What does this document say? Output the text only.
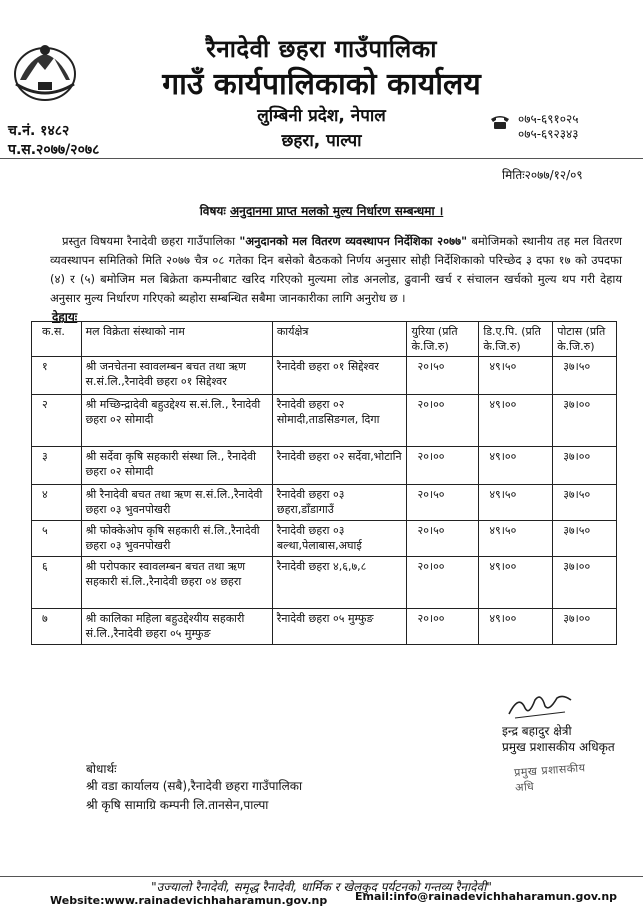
रैनादेवी छहरा गाउँपालिका
गाउँ कार्यपालिकाको कार्यालय
लुम्बिनी प्रदेश, नेपाल
छहरा, पाल्पा
च.नं. १४८२
प.स.२०७७/२०७८
०७५-६९१०२५
०७५-६९२३४३
मितिः२०७७/१२/०९
विषयः अनुदानमा प्राप्त मलको मुल्य निर्धारण सम्बन्धमा ।
प्रस्तुत विषयमा रैनादेवी छहरा गाउँपालिका "अनुदानको मल वितरण व्यवस्थापन निर्देशिका २०७७" बमोजिमको स्थानीय तह मल वितरण व्यवस्थापन समितिको मिति २०७७ चैत्र ०८ गतेका दिन बसेको बैठकको निर्णय अनुसार सोही निर्देशिकाको परिच्छेद ३ दफा १७ को उपदफा (४) र (५) बमोजिम मल बिक्रेता कम्पनीबाट खरिद गरिएको मुल्यमा लोड अनलोड, ढुवानी खर्च र संचालन खर्चको मुल्य थप गरी देहाय अनुसार मुल्य निर्धारण गरिएको ब्यहोरा सम्बन्धित सबैमा जानकारीका लागि अनुरोध छ ।
देहायः
क.स.	मल विक्रेता संस्थाको नाम	कार्यक्षेत्र	युरिया (प्रति के.जि.रु)	डि.ए.पि. (प्रति के.जि.रु)	पोटास (प्रति के.जि.रु)
१	श्री जनचेतना स्वावलम्बन बचत तथा ऋण स.सं.लि.,रैनादेवी छहरा ०१ सिद्देश्वर	रैनादेवी छहरा ०१ सिद्देश्वर	२०।५०	४९।५०	३७।५०
२	श्री मच्छिन्द्रादेवी बहुउद्देश्य स.सं.लि., रैनादेवी छहरा ०२ सोमादी	रैनादेवी छहरा ०२ सोमादी,ताडसिङगल, दिगा	२०।००	४९।००	३७।००
३	श्री सर्देवा कृषि सहकारी संस्था लि., रैनादेवी छहरा ०२ सोमादी	रैनादेवी छहरा ०२ सर्देवा,भोटानि	२०।००	४९।००	३७।००
४	श्री रैनादेवी बचत तथा ऋण स.सं.लि.,रैनादेवी छहरा ०३ भुवनपोखरी	रैनादेवी छहरा ०३ छहरा,डाँडागाउँ	२०।५०	४९।५०	३७।५०
५	श्री फोक्केओप कृषि सहकारी सं.लि.,रैनादेवी छहरा ०३ भुवनपोखरी	रैनादेवी छहरा ०३ बल्था,पेलाबास,अघाई	२०।५०	४९।५०	३७।५०
६	श्री परोपकार स्वावलम्बन बचत तथा ऋण सहकारी सं.लि.,रैनादेवी छहरा ०४ छहरा	रैनादेवी छहरा ४,६,७,८	२०।००	४९।००	३७।००
७	श्री कालिका महिला बहुउद्देश्यीय सहकारी सं.लि.,रैनादेवी छहरा ०५ मुम्फुङ	रैनादेवी छहरा ०५ मुम्फुङ	२०।००	४९।००	३७।००
इन्द्र बहादुर क्षेत्री
प्रमुख प्रशासकीय अधिकृत
प्रमुख प्रशासकीय अधि
बोधार्थः
श्री वडा कार्यालय (सबै),रैनादेवी छहरा गाउँपालिका
श्री कृषि सामाग्रि कम्पनी लि.तानसेन,पाल्पा
"उज्यालो रैनादेवी, समृद्ध रैनादेवी, धार्मिक र खेलकुद पर्यटनको गन्तव्य रैनादेवी"
Website:www.rainadevichhaharamun.gov.np	Email:info@rainadevichhaharamun.gov.np
